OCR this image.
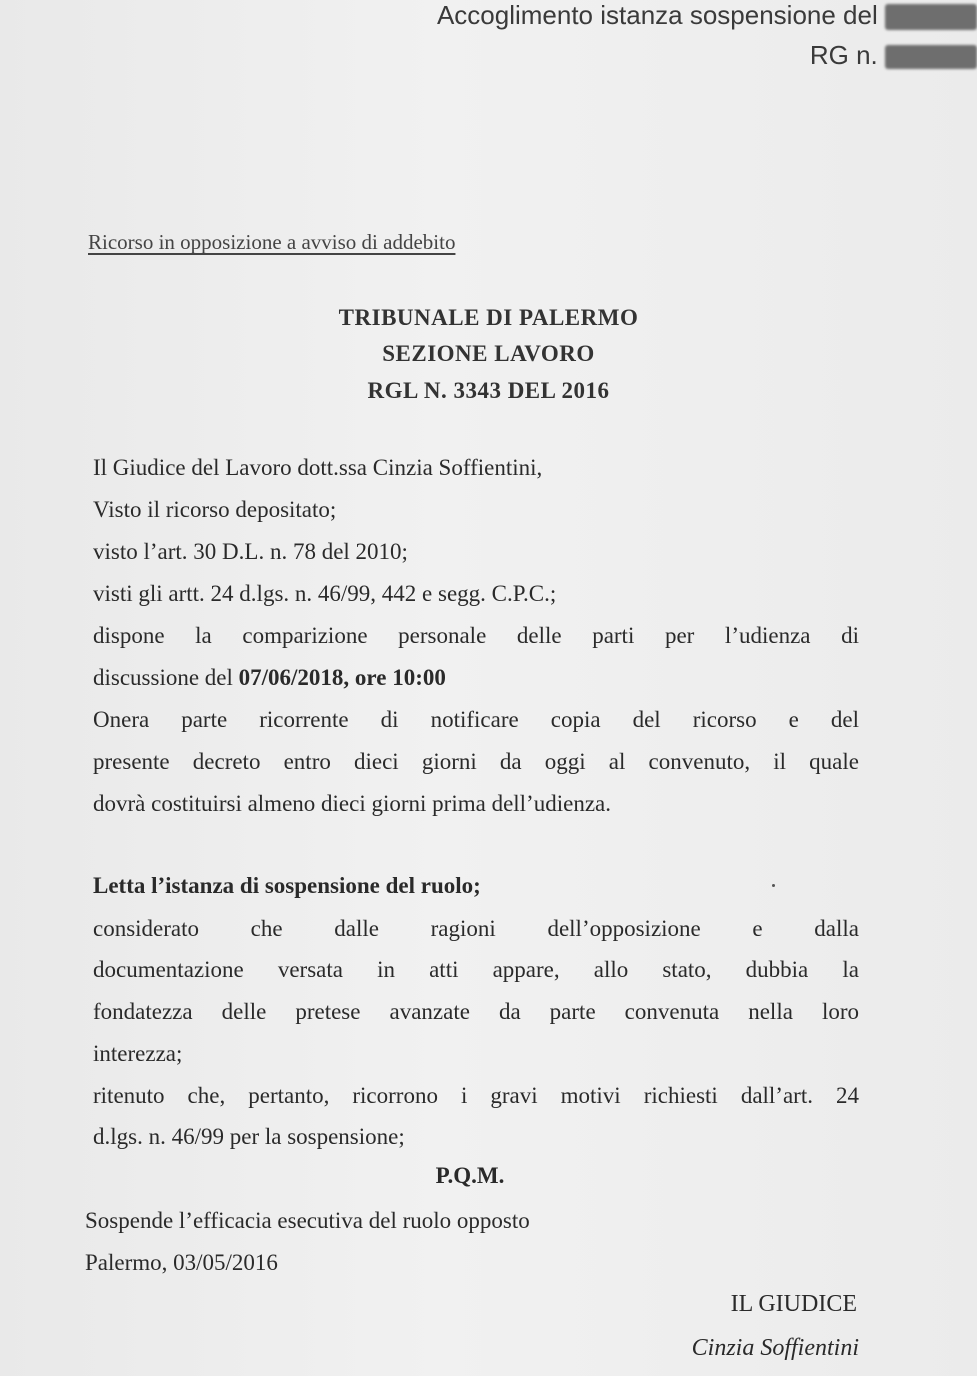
Accoglimento istanza sospensione del
RG n.
Ricorso in opposizione a avviso di addebito
TRIBUNALE DI PALERMO
SEZIONE LAVORO
RGL N. 3343 DEL 2016
Il Giudice del Lavoro dott.ssa Cinzia Soffientini,
Visto il ricorso depositato;
visto l’art. 30 D.L. n. 78 del 2010;
visti gli artt. 24 d.lgs. n. 46/99, 442 e segg. C.P.C.;
dispone la comparizione personale delle parti per l’udienza di
discussione del 07/06/2018, ore 10:00
Onera parte ricorrente di notificare copia del ricorso e del
presente decreto entro dieci giorni da oggi al convenuto, il quale
dovrà costituirsi almeno dieci giorni prima dell’udienza.
Letta l’istanza di sospensione del ruolo;
considerato che dalle ragioni dell’opposizione e dalla
documentazione versata in atti appare, allo stato, dubbia la
fondatezza delle pretese avanzate da parte convenuta nella loro
interezza;
ritenuto che, pertanto, ricorrono i gravi motivi richiesti dall’art. 24
d.lgs. n. 46/99 per la sospensione;
P.Q.M.
Sospende l’efficacia esecutiva del ruolo opposto
Palermo, 03/05/2016
IL GIUDICE
Cinzia Soffientini
